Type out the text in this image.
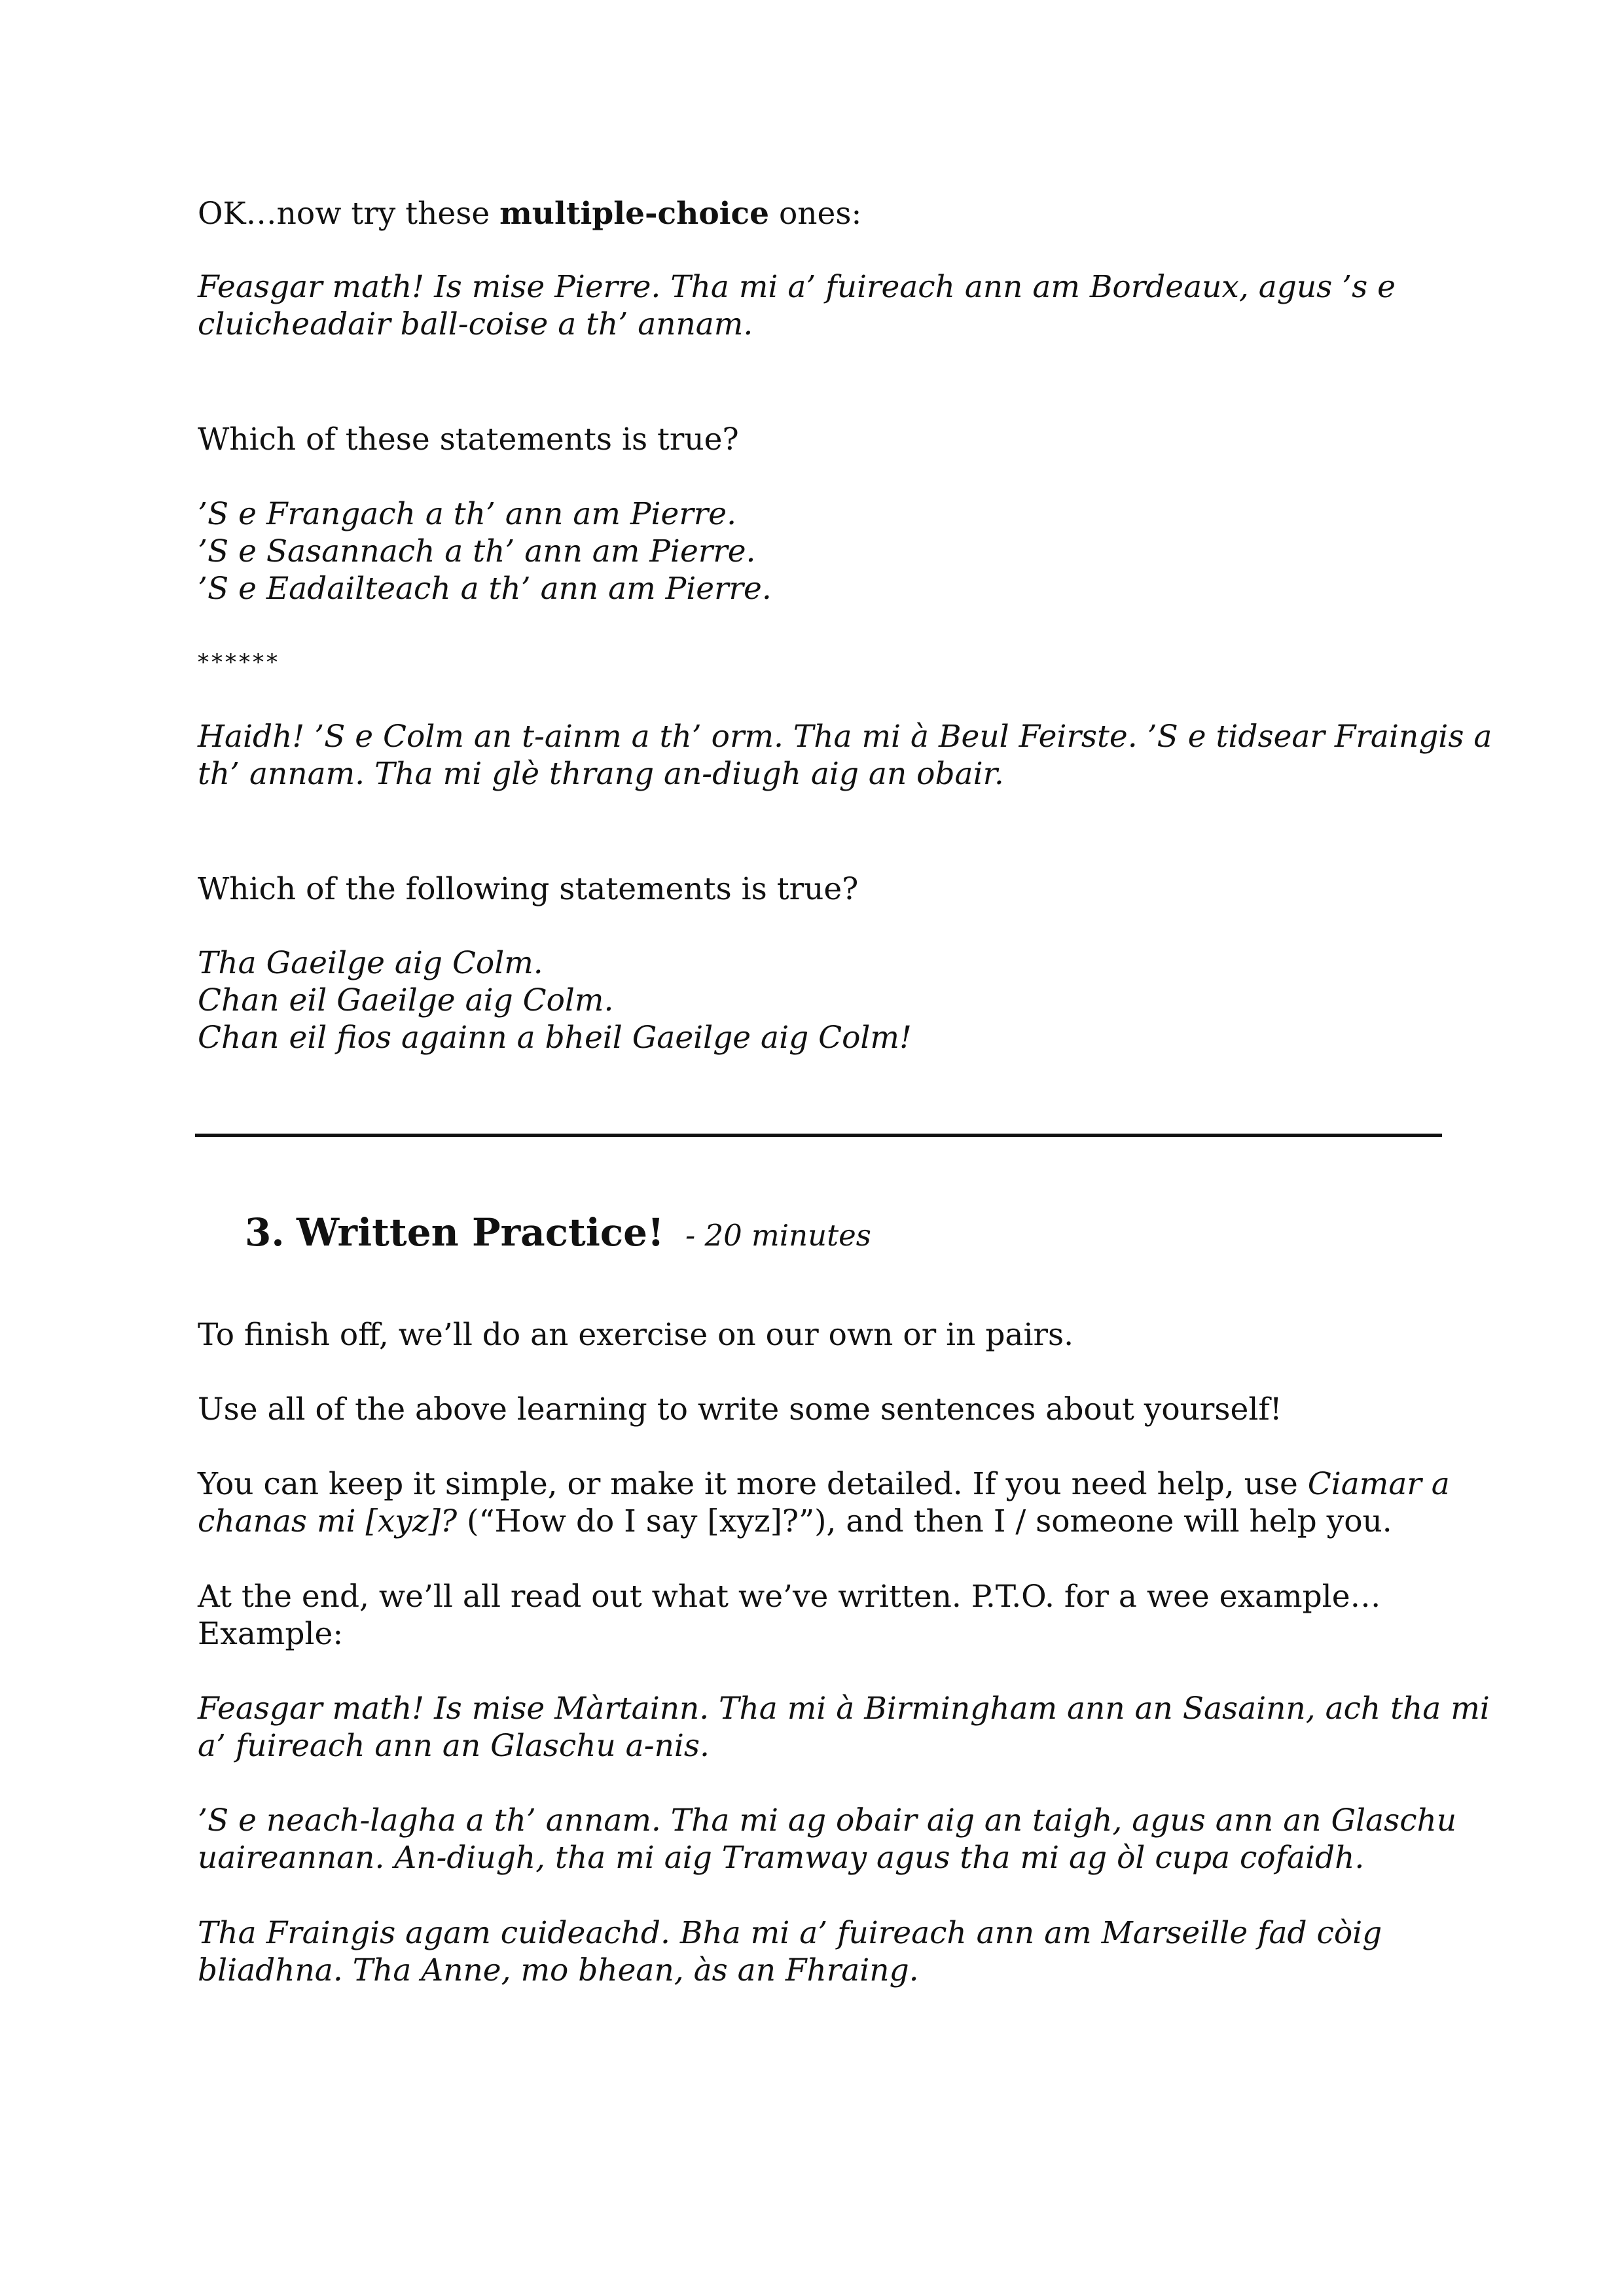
OK…now try these multiple-choice ones:

Feasgar math! Is mise Pierre. Tha mi a’ fuireach ann am Bordeaux, agus ’s e
cluicheadair ball-coise a th’ annam.

Which of these statements is true?

’S e Frangach a th’ ann am Pierre.
’S e Sasannach a th’ ann am Pierre.
’S e Eadailteach a th’ ann am Pierre.

******

Haidh! ’S e Colm an t-ainm a th’ orm. Tha mi à Beul Feirste. ’S e tidsear Fraingis a
th’ annam. Tha mi glè thrang an-diugh aig an obair.

Which of the following statements is true?

Tha Gaeilge aig Colm.
Chan eil Gaeilge aig Colm.
Chan eil fios againn a bheil Gaeilge aig Colm!
3. Written Practice! - 20 minutes

To finish off, we’ll do an exercise on our own or in pairs.

Use all of the above learning to write some sentences about yourself!

You can keep it simple, or make it more detailed. If you need help, use Ciamar a
chanas mi [xyz]? (“How do I say [xyz]?”), and then I / someone will help you.

At the end, we’ll all read out what we’ve written. P.T.O. for a wee example…
Example:

Feasgar math! Is mise Màrtainn. Tha mi à Birmingham ann an Sasainn, ach tha mi
a’ fuireach ann an Glaschu a-nis.

’S e neach-lagha a th’ annam. Tha mi ag obair aig an taigh, agus ann an Glaschu
uaireannan. An-diugh, tha mi aig Tramway agus tha mi ag òl cupa cofaidh.

Tha Fraingis agam cuideachd. Bha mi a’ fuireach ann am Marseille fad còig
bliadhna. Tha Anne, mo bhean, às an Fhraing.
